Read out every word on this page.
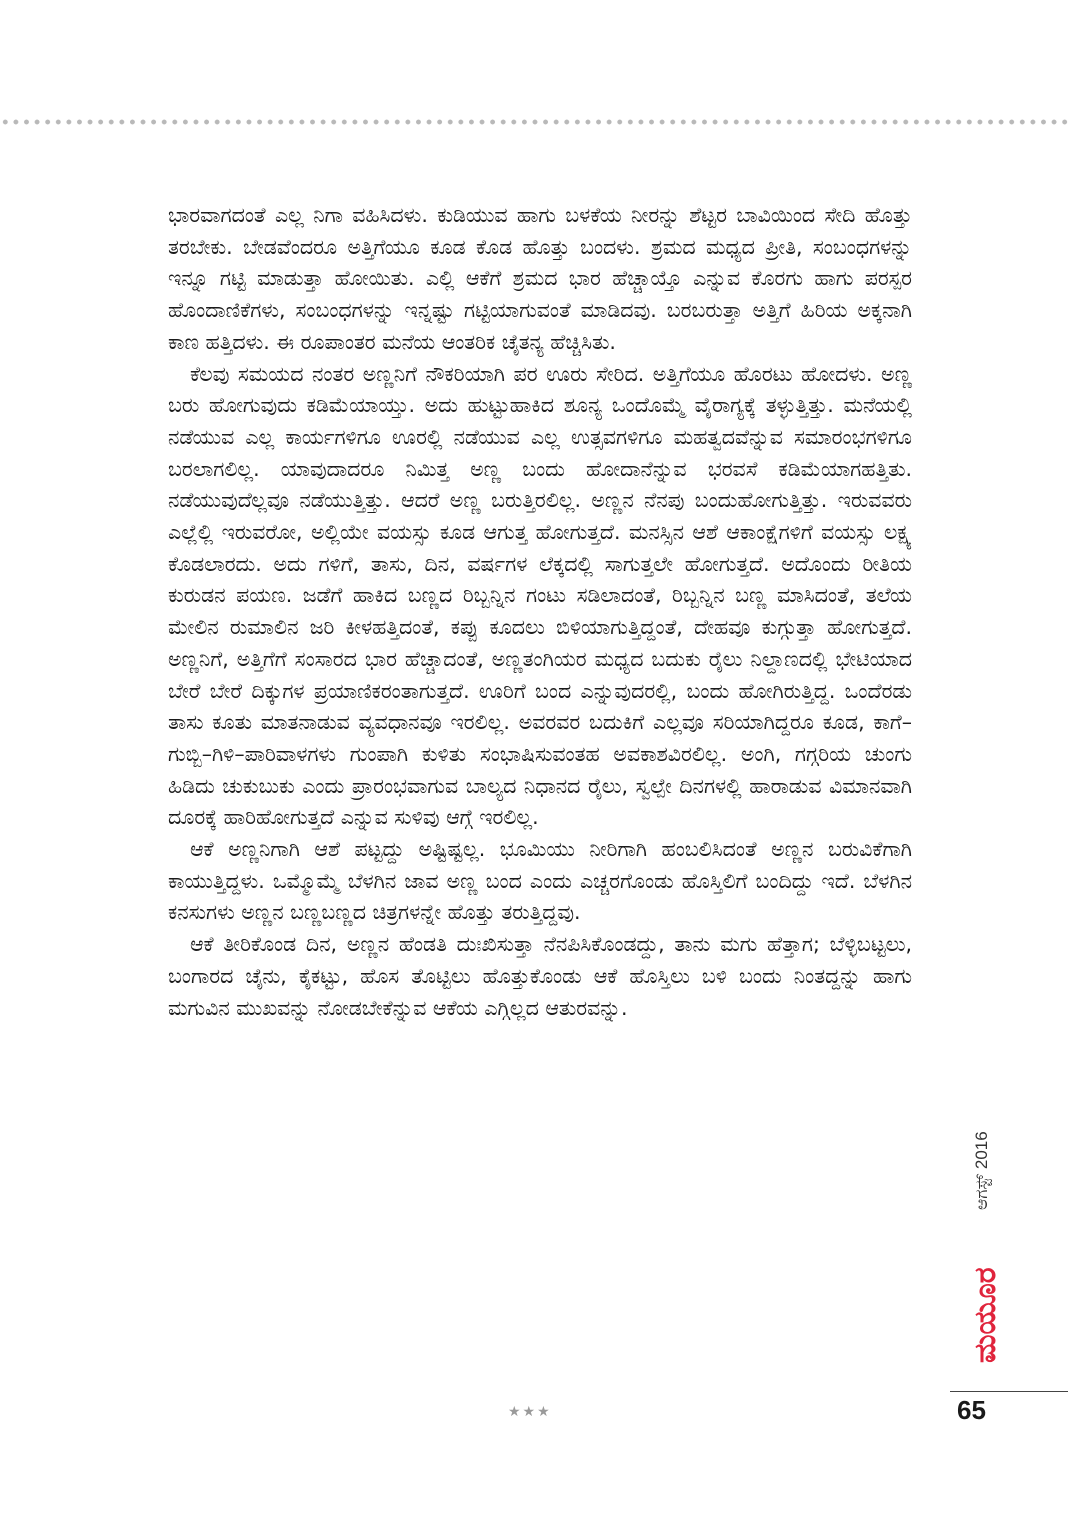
ಭಾರವಾಗದಂತೆ ಎಲ್ಲ ನಿಗಾ ವಹಿಸಿದಳು. ಕುಡಿಯುವ ಹಾಗು ಬಳಕೆಯ ನೀರನ್ನು ಶೆಟ್ಟರ ಬಾವಿಯಿಂದ ಸೇದಿ ಹೊತ್ತು ತರಬೇಕು. ಬೇಡವೆಂದರೂ ಅತ್ತಿಗೆಯೂ ಕೂಡ ಕೊಡ ಹೊತ್ತು ಬಂದಳು. ಶ್ರಮದ ಮಧ್ಯದ ಪ್ರೀತಿ, ಸಂಬಂಧಗಳನ್ನು ಇನ್ನೂ ಗಟ್ಟಿ ಮಾಡುತ್ತಾ ಹೋಯಿತು. ಎಲ್ಲಿ ಆಕೆಗೆ ಶ್ರಮದ ಭಾರ ಹೆಚ್ಚಾಯ್ತೊ ಎನ್ನುವ ಕೊರಗು ಹಾಗು ಪರಸ್ಪರ ಹೊಂದಾಣಿಕೆಗಳು, ಸಂಬಂಧಗಳನ್ನು ಇನ್ನಷ್ಟು ಗಟ್ಟಿಯಾಗುವಂತೆ ಮಾಡಿದವು. ಬರಬರುತ್ತಾ ಅತ್ತಿಗೆ ಹಿರಿಯ ಅಕ್ಕನಾಗಿ ಕಾಣ ಹತ್ತಿದಳು. ಈ ರೂಪಾಂತರ ಮನೆಯ ಆಂತರಿಕ ಚೈತನ್ಯ ಹೆಚ್ಚಿಸಿತು.

ಕೆಲವು ಸಮಯದ ನಂತರ ಅಣ್ಣನಿಗೆ ನೌಕರಿಯಾಗಿ ಪರ ಊರು ಸೇರಿದ. ಅತ್ತಿಗೆಯೂ ಹೊರಟು ಹೋದಳು. ಅಣ್ಣ ಬರು ಹೋಗುವುದು ಕಡಿಮೆಯಾಯ್ತು. ಅದು ಹುಟ್ಟುಹಾಕಿದ ಶೂನ್ಯ ಒಂದೊಮ್ಮೆ ವೈರಾಗ್ಯಕ್ಕೆ ತಳ್ಳುತ್ತಿತ್ತು. ಮನೆಯಲ್ಲಿ ನಡೆಯುವ ಎಲ್ಲ ಕಾರ್ಯಗಳಿಗೂ ಊರಲ್ಲಿ ನಡೆಯುವ ಎಲ್ಲ ಉತ್ಸವಗಳಿಗೂ ಮಹತ್ವದವೆನ್ನುವ ಸಮಾರಂಭಗಳಿಗೂ ಬರಲಾಗಲಿಲ್ಲ. ಯಾವುದಾದರೂ ನಿಮಿತ್ತ ಅಣ್ಣ ಬಂದು ಹೋದಾನೆನ್ನುವ ಭರವಸೆ ಕಡಿಮೆಯಾಗಹತ್ತಿತು. ನಡೆಯುವುದೆಲ್ಲವೂ ನಡೆಯುತ್ತಿತ್ತು. ಆದರೆ ಅಣ್ಣ ಬರುತ್ತಿರಲಿಲ್ಲ. ಅಣ್ಣನ ನೆನಪು ಬಂದುಹೋಗುತ್ತಿತ್ತು. ಇರುವವರು ಎಲ್ಲೆಲ್ಲಿ ಇರುವರೋ, ಅಲ್ಲಿಯೇ ವಯಸ್ಸು ಕೂಡ ಆಗುತ್ತ ಹೋಗುತ್ತದೆ. ಮನಸ್ಸಿನ ಆಶೆ ಆಕಾಂಕ್ಷೆಗಳಿಗೆ ವಯಸ್ಸು ಲಕ್ಷ್ಯ ಕೊಡಲಾರದು. ಅದು ಗಳಿಗೆ, ತಾಸು, ದಿನ, ವರ್ಷಗಳ ಲೆಕ್ಕದಲ್ಲಿ ಸಾಗುತ್ತಲೇ ಹೋಗುತ್ತದೆ. ಅದೊಂದು ರೀತಿಯ ಕುರುಡನ ಪಯಣ. ಜಡೆಗೆ ಹಾಕಿದ ಬಣ್ಣದ ರಿಬ್ಬನ್ನಿನ ಗಂಟು ಸಡಿಲಾದಂತೆ, ರಿಬ್ಬನ್ನಿನ ಬಣ್ಣ ಮಾಸಿದಂತೆ, ತಲೆಯ ಮೇಲಿನ ರುಮಾಲಿನ ಜರಿ ಕೀಳಹತ್ತಿದಂತೆ, ಕಪ್ಪು ಕೂದಲು ಬಿಳಿಯಾಗುತ್ತಿದ್ದಂತೆ, ದೇಹವೂ ಕುಗ್ಗುತ್ತಾ ಹೋಗುತ್ತದೆ. ಅಣ್ಣನಿಗೆ, ಅತ್ತಿಗೆಗೆ ಸಂಸಾರದ ಭಾರ ಹೆಚ್ಚಾದಂತೆ, ಅಣ್ಣತಂಗಿಯರ ಮಧ್ಯದ ಬದುಕು ರೈಲು ನಿಲ್ದಾಣದಲ್ಲಿ ಭೇಟಿಯಾದ ಬೇರೆ ಬೇರೆ ದಿಕ್ಕುಗಳ ಪ್ರಯಾಣಿಕರಂತಾಗುತ್ತದೆ. ಊರಿಗೆ ಬಂದ ಎನ್ನುವುದರಲ್ಲಿ, ಬಂದು ಹೋಗಿರುತ್ತಿದ್ದ. ಒಂದೆರಡು ತಾಸು ಕೂತು ಮಾತನಾಡುವ ವ್ಯವಧಾನವೂ ಇರಲಿಲ್ಲ. ಅವರವರ ಬದುಕಿಗೆ ಎಲ್ಲವೂ ಸರಿಯಾಗಿದ್ದರೂ ಕೂಡ, ಕಾಗೆ–ಗುಬ್ಬಿ–ಗಿಳಿ–ಪಾರಿವಾಳಗಳು ಗುಂಪಾಗಿ ಕುಳಿತು ಸಂಭಾಷಿಸುವಂತಹ ಅವಕಾಶವಿರಲಿಲ್ಲ. ಅಂಗಿ, ಗಗ್ಗರಿಯ ಚುಂಗು ಹಿಡಿದು ಚುಕುಬುಕು ಎಂದು ಪ್ರಾರಂಭವಾಗುವ ಬಾಲ್ಯದ ನಿಧಾನದ ರೈಲು, ಸ್ವಲ್ಪೇ ದಿನಗಳಲ್ಲಿ ಹಾರಾಡುವ ವಿಮಾನವಾಗಿ ದೂರಕ್ಕೆ ಹಾರಿಹೋಗುತ್ತದೆ ಎನ್ನುವ ಸುಳಿವು ಆಗ್ಗೆ ಇರಲಿಲ್ಲ.

ಆಕೆ ಅಣ್ಣನಿಗಾಗಿ ಆಶೆ ಪಟ್ಟದ್ದು ಅಷ್ಟಿಷ್ಟಲ್ಲ. ಭೂಮಿಯು ನೀರಿಗಾಗಿ ಹಂಬಲಿಸಿದಂತೆ ಅಣ್ಣನ ಬರುವಿಕೆಗಾಗಿ ಕಾಯುತ್ತಿದ್ದಳು. ಒಮ್ಮೊಮ್ಮೆ ಬೆಳಗಿನ ಜಾವ ಅಣ್ಣ ಬಂದ ಎಂದು ಎಚ್ಚರಗೊಂಡು ಹೊಸ್ತಿಲಿಗೆ ಬಂದಿದ್ದು ಇದೆ. ಬೆಳಗಿನ ಕನಸುಗಳು ಅಣ್ಣನ ಬಣ್ಣಬಣ್ಣದ ಚಿತ್ರಗಳನ್ನೇ ಹೊತ್ತು ತರುತ್ತಿದ್ದವು.

ಆಕೆ ತೀರಿಕೊಂಡ ದಿನ, ಅಣ್ಣನ ಹೆಂಡತಿ ದುಃಖಿಸುತ್ತಾ ನೆನಪಿಸಿಕೊಂಡದ್ದು, ತಾನು ಮಗು ಹೆತ್ತಾಗ; ಬೆಳ್ಳಿಬಟ್ಟಲು, ಬಂಗಾರದ ಚೈನು, ಕೈಕಟ್ಟು, ಹೊಸ ತೊಟ್ಟಿಲು ಹೊತ್ತುಕೊಂಡು ಆಕೆ ಹೊಸ್ತಿಲು ಬಳಿ ಬಂದು ನಿಂತದ್ದನ್ನು ಹಾಗು ಮಗುವಿನ ಮುಖವನ್ನು ನೋಡಬೇಕೆನ್ನುವ ಆಕೆಯ ಎಗ್ಗಿಲ್ಲದ ಆತುರವನ್ನು.

★★★
ಆಗಸ್ಟ್ 2016
ಮಯೂರ
65
